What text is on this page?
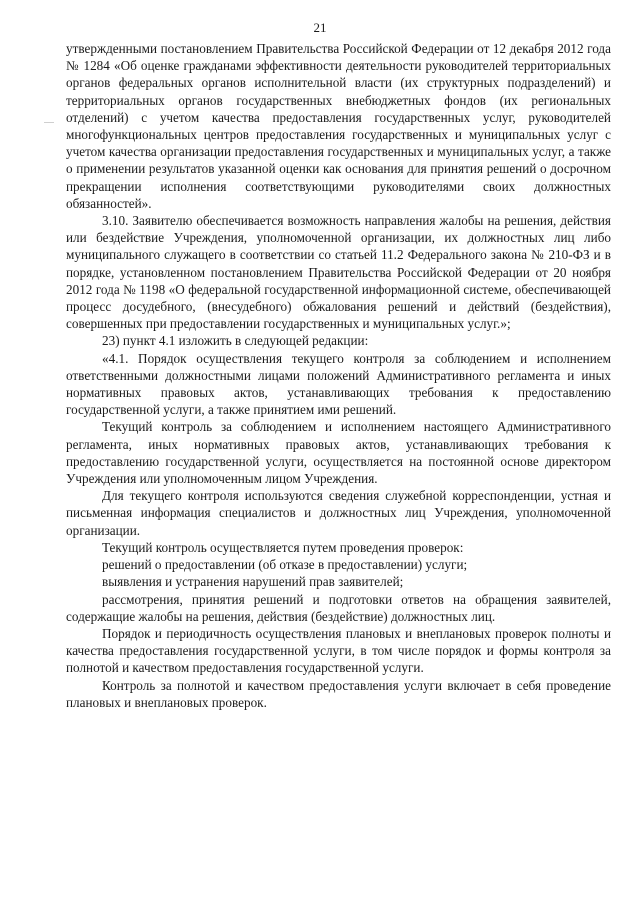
21

утвержденными постановлением Правительства Российской Федерации от 12 декабря 2012 года № 1284 «Об оценке гражданами эффективности деятельности руководителей территориальных органов федеральных органов исполнительной власти (их структурных подразделений) и территориальных органов государственных внебюджетных фондов (их региональных отделений) с учетом качества предоставления государственных услуг, руководителей многофункциональных центров предоставления государственных и муниципальных услуг с учетом качества организации предоставления государственных и муниципальных услуг, а также о применении результатов указанной оценки как основания для принятия решений о досрочном прекращении исполнения соответствующими руководителями своих должностных обязанностей».

3.10. Заявителю обеспечивается возможность направления жалобы на решения, действия или бездействие Учреждения, уполномоченной организации, их должностных лиц либо муниципального служащего в соответствии со статьей 11.2 Федерального закона № 210-ФЗ и в порядке, установленном постановлением Правительства Российской Федерации от 20 ноября 2012 года № 1198 «О федеральной государственной информационной системе, обеспечивающей процесс досудебного, (внесудебного) обжалования решений и действий (бездействия), совершенных при предоставлении государственных и муниципальных услуг.»;

23) пункт 4.1 изложить в следующей редакции:

«4.1. Порядок осуществления текущего контроля за соблюдением и исполнением ответственными должностными лицами положений Административного регламента и иных нормативных правовых актов, устанавливающих требования к предоставлению государственной услуги, а также принятием ими решений.

Текущий контроль за соблюдением и исполнением настоящего Административного регламента, иных нормативных правовых актов, устанавливающих требования к предоставлению государственной услуги, осуществляется на постоянной основе директором Учреждения или уполномоченным лицом Учреждения.

Для текущего контроля используются сведения служебной корреспонденции, устная и письменная информация специалистов и должностных лиц Учреждения, уполномоченной организации.

Текущий контроль осуществляется путем проведения проверок:

решений о предоставлении (об отказе в предоставлении) услуги;

выявления и устранения нарушений прав заявителей;

рассмотрения, принятия решений и подготовки ответов на обращения заявителей, содержащие жалобы на решения, действия (бездействие) должностных лиц.

Порядок и периодичность осуществления плановых и внеплановых проверок полноты и качества предоставления государственной услуги, в том числе порядок и формы контроля за полнотой и качеством предоставления государственной услуги.

Контроль за полнотой и качеством предоставления услуги включает в себя проведение плановых и внеплановых проверок.
